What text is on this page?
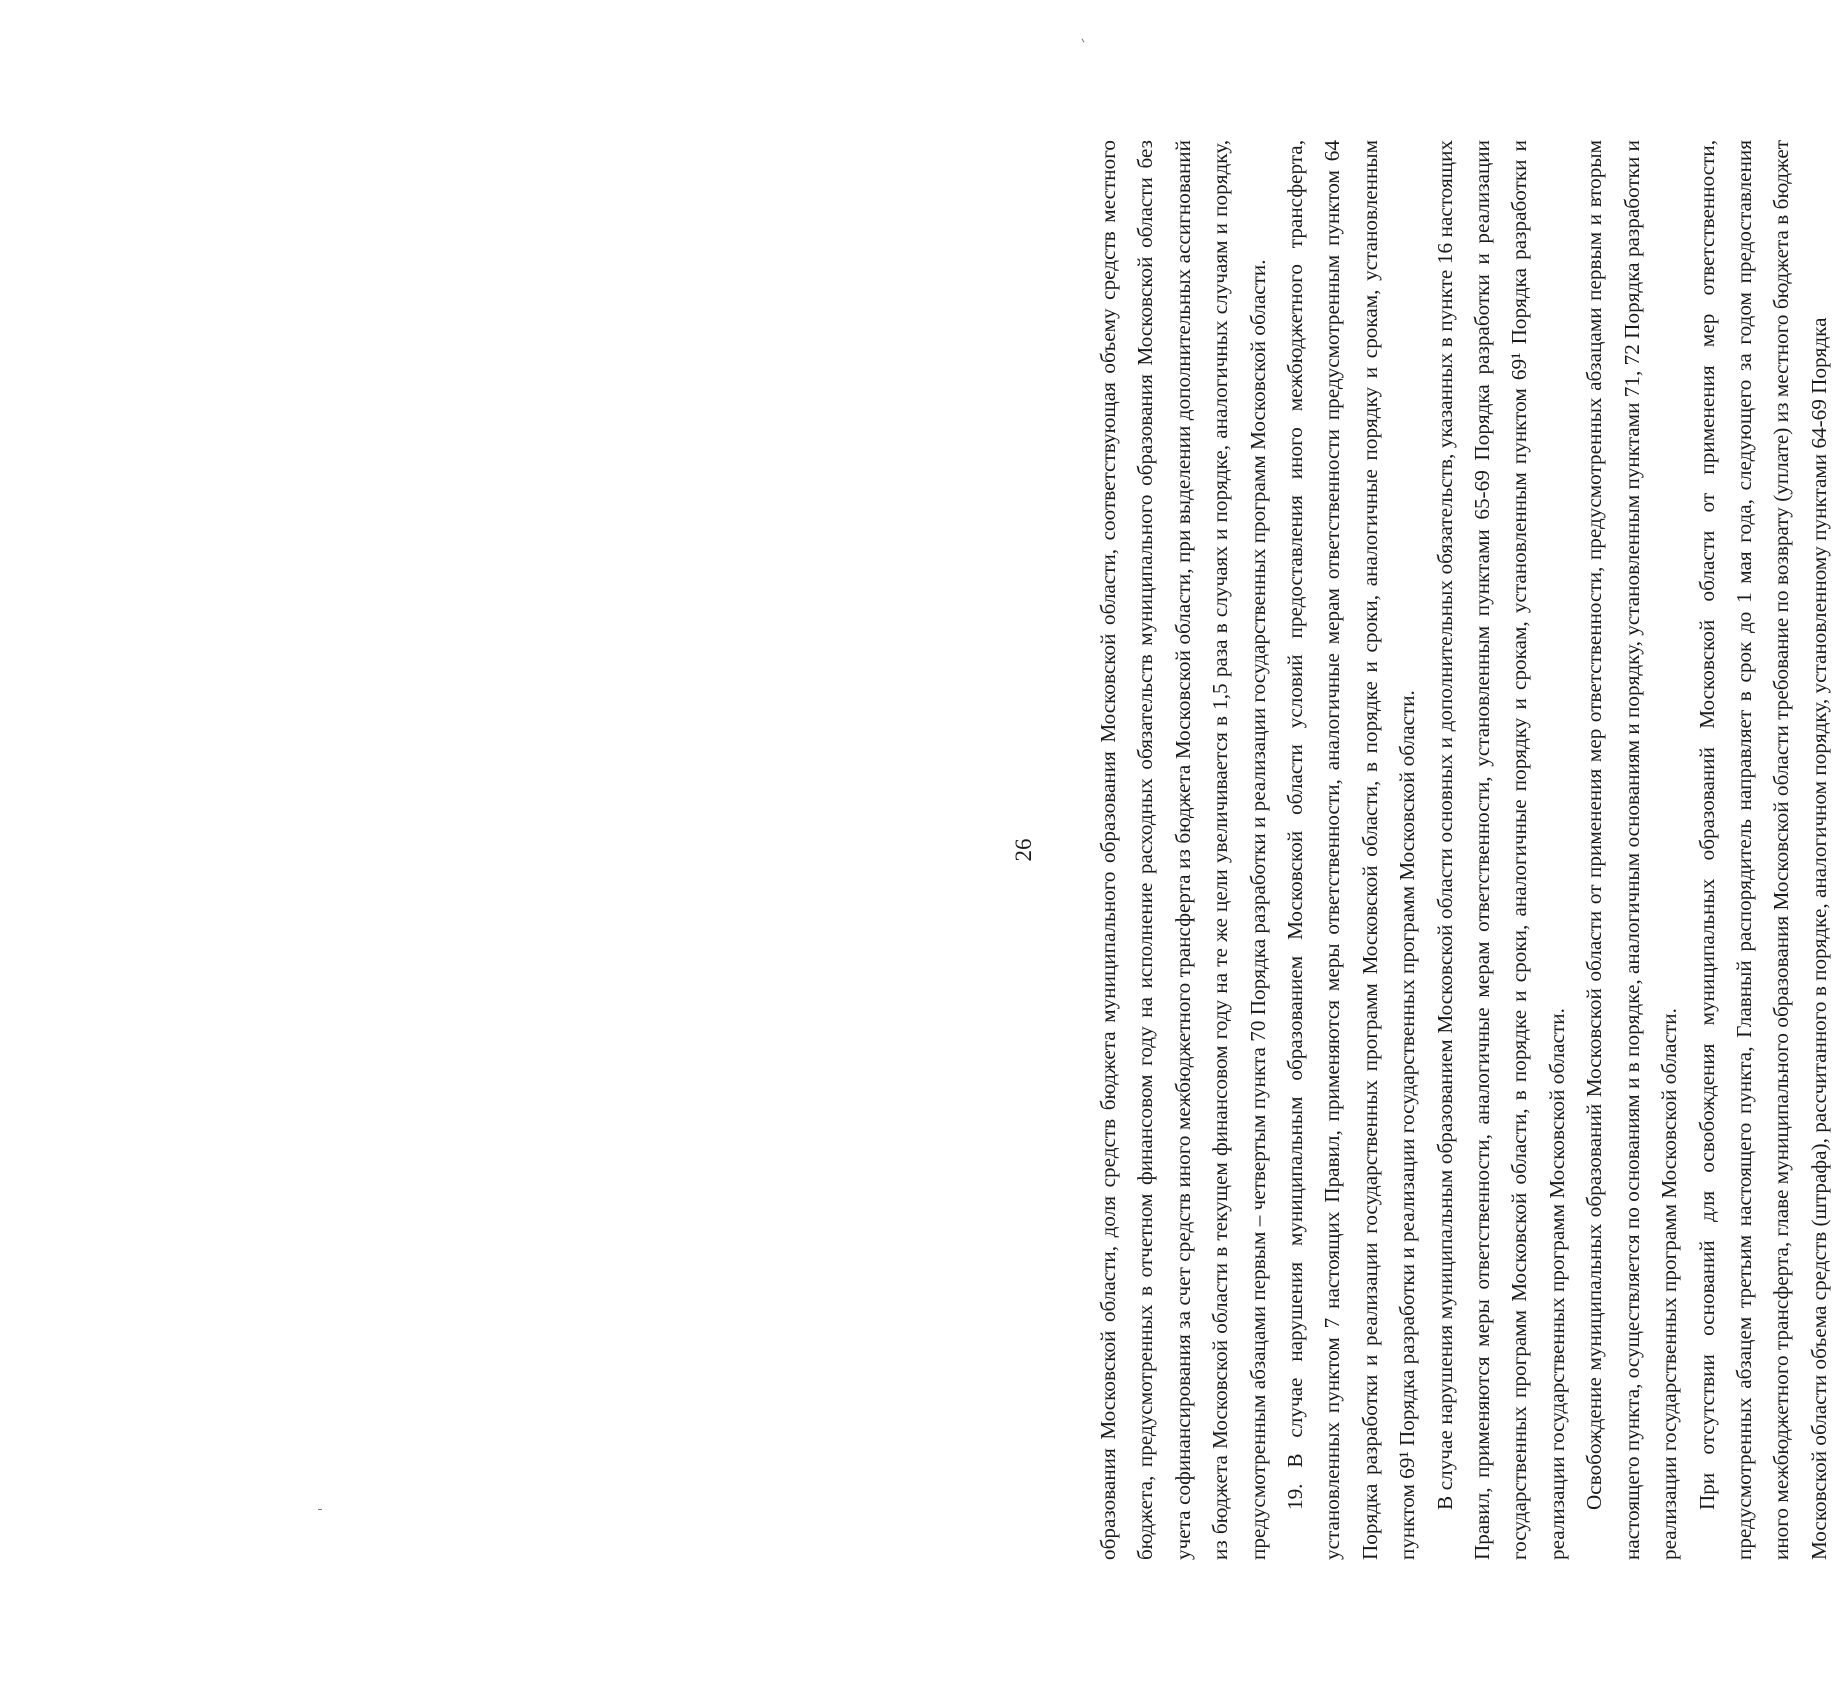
26	образования Московской области, доля средств бюджета муниципального образования Московской области, соответствующая объему средств местного бюджета, предусмотренных в отчетном финансовом году на исполнение расходных обязательств муниципального образования Московской области без учета софинансирования за счет средств иного межбюджетного трансферта из бюджета Московской области, при выделении дополнительных ассигнований из бюджета Московской области в текущем финансовом году на те же цели увеличивается в 1,5 раза в случаях и порядке, аналогичных случаям и порядку, предусмотренным абзацами первым – четвертым пункта 70 Порядка разработки и реализации государственных программ Московской области. 19. В случае нарушения муниципальным образованием Московской области условий предоставления иного межбюджетного трансферта, установленных пунктом 7 настоящих Правил, применяются меры ответственности, аналогичные мерам ответственности предусмотренным пунктом 64 Порядка разработки и реализации государственных программ Московской области, в порядке и сроки, аналогичные порядку и срокам, установленным пунктом 69¹ Порядка разработки и реализации государственных программ Московской области. В случае нарушения муниципальным образованием Московской области основных и дополнительных обязательств, указанных в пункте 16 настоящих Правил, применяются меры ответственности, аналогичные мерам ответственности, установленным пунктами 65-69 Порядка разработки и реализации государственных программ Московской области, в порядке и сроки, аналогичные порядку и срокам, установленным пунктом 69¹ Порядка разработки и реализации государственных программ Московской области. Освобождение муниципальных образований Московской области от применения мер ответственности, предусмотренных абзацами первым и вторым настоящего пункта, осуществляется по основаниям и в порядке, аналогичным основаниям и порядку, установленным пунктами 71, 72 Порядка разработки и реализации государственных программ Московской области. При отсутствии оснований для освобождения муниципальных образований Московской области от применения мер ответственности, предусмотренных абзацем третьим настоящего пункта, Главный распорядитель направляет в срок до 1 мая года, следующего за годом предоставления иного межбюджетного трансферта, главе муниципального образования Московской области требование по возврату (уплате) из местного бюджета в бюджет Московской области объема средств (штрафа), рассчитанного в порядке, аналогичном порядку, установленному пунктами 64-69 Порядка
